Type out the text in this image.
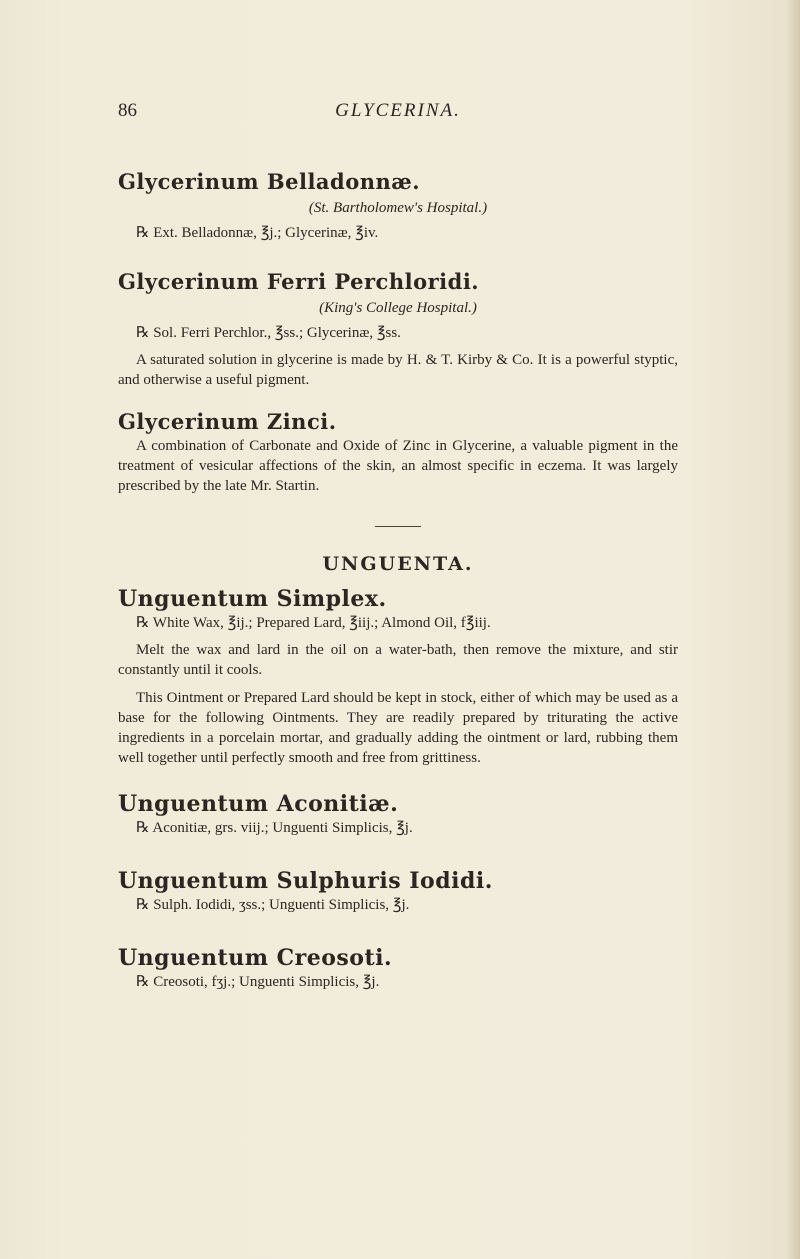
86	GLYCERINA.
Glycerinum Belladonnæ.

(St. Bartholomew's Hospital.)

℞ Ext. Belladonnæ, ℥j.; Glycerinæ, ℥iv.

Glycerinum Ferri Perchloridi.

(King's College Hospital.)

℞ Sol. Ferri Perchlor., ℥ss.; Glycerinæ, ℥ss.

A saturated solution in glycerine is made by H. & T. Kirby & Co. It is a powerful styptic, and otherwise a useful pigment.

Glycerinum Zinci.

A combination of Carbonate and Oxide of Zinc in Glycerine, a valuable pigment in the treatment of vesicular affections of the skin, an almost specific in eczema. It was largely prescribed by the late Mr. Startin.

UNGUENTA.
Unguentum Simplex.

℞ White Wax, ℥ij.; Prepared Lard, ℥iij.; Almond Oil, f℥iij.

Melt the wax and lard in the oil on a water-bath, then remove the mixture, and stir constantly until it cools.

This Ointment or Prepared Lard should be kept in stock, either of which may be used as a base for the following Ointments. They are readily prepared by triturating the active ingredients in a porcelain mortar, and gradually adding the ointment or lard, rubbing them well together until perfectly smooth and free from grittiness.

Unguentum Aconitiæ.

℞ Aconitiæ, grs. viij.; Unguenti Simplicis, ℥j.

Unguentum Sulphuris Iodidi.

℞ Sulph. Iodidi, ʒss.; Unguenti Simplicis, ℥j.

Unguentum Creosoti.

℞ Creosoti, fʒj.; Unguenti Simplicis, ℥j.
